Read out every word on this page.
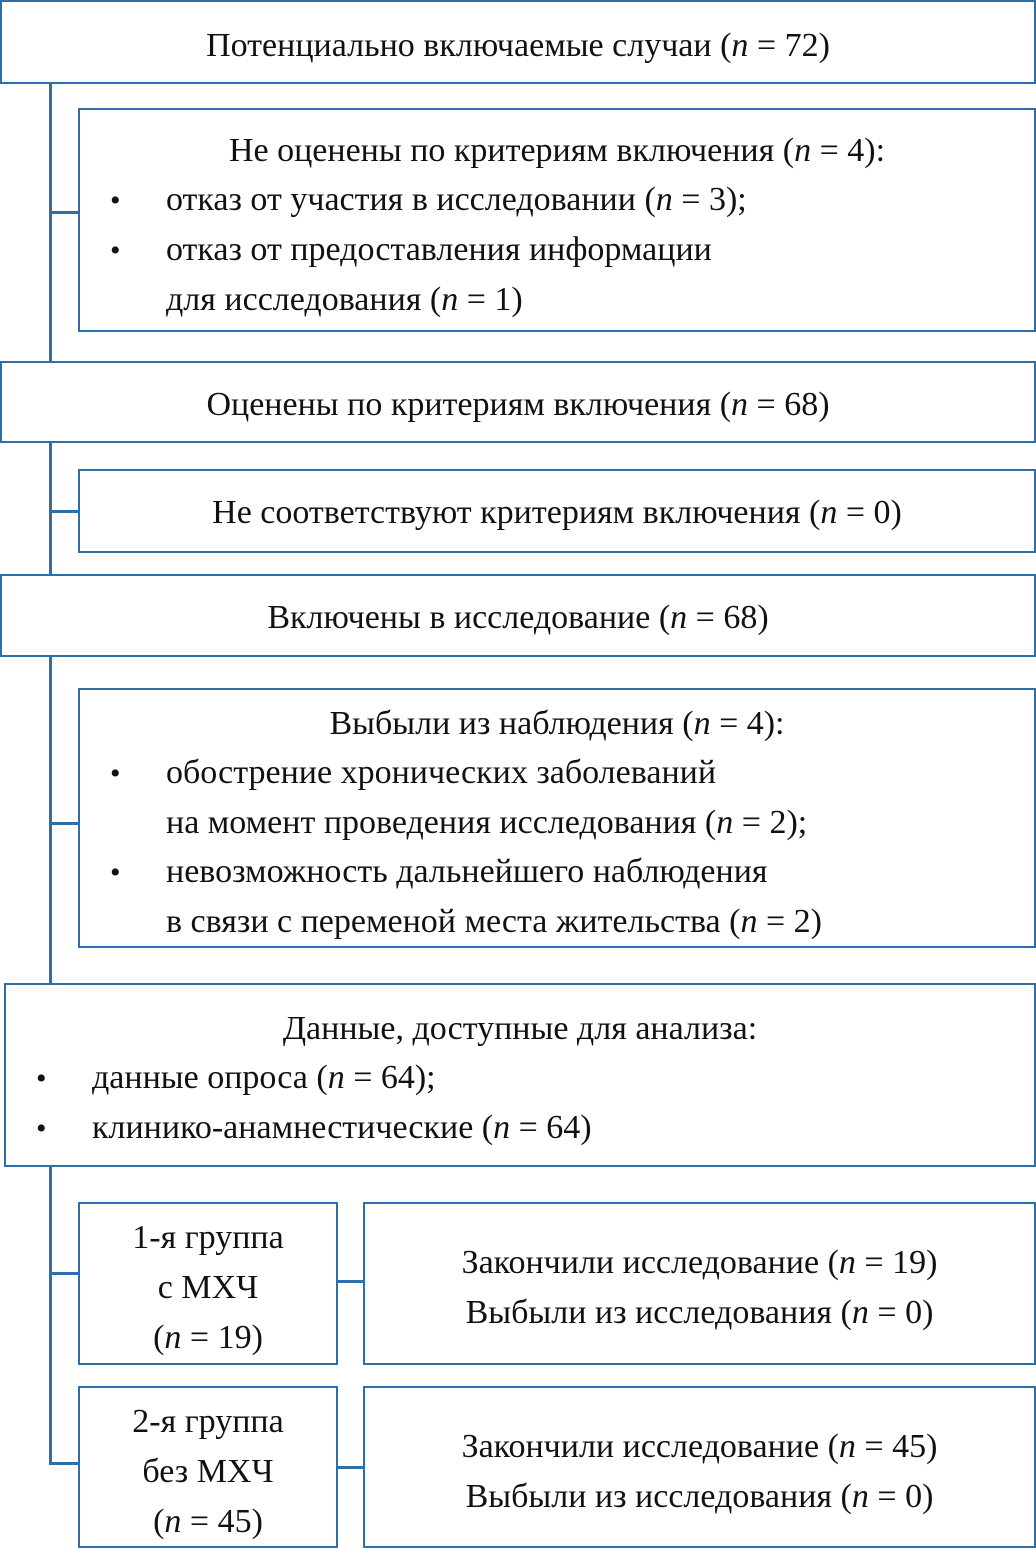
Потенциально включаемые случаи (n = 72)
Не оценены по критериям включения (n = 4):
• отказ от участия в исследовании (n = 3);
• отказ от предоставления информации
для исследования (n = 1)
Оценены по критериям включения (n = 68)
Не соответствуют критериям включения (n = 0)
Включены в исследование (n = 68)
Выбыли из наблюдения (n = 4):
• обострение хронических заболеваний
на момент проведения исследования (n = 2);
• невозможность дальнейшего наблюдения
в связи с переменой места жительства (n = 2)
Данные, доступные для анализа:
• данные опроса (n = 64);
• клинико-анамнестические (n = 64)
1-я группа
с МХЧ
(n = 19)
Закончили исследование (n = 19)
Выбыли из исследования (n = 0)
2-я группа
без МХЧ
(n = 45)
Закончили исследование (n = 45)
Выбыли из исследования (n = 0)
